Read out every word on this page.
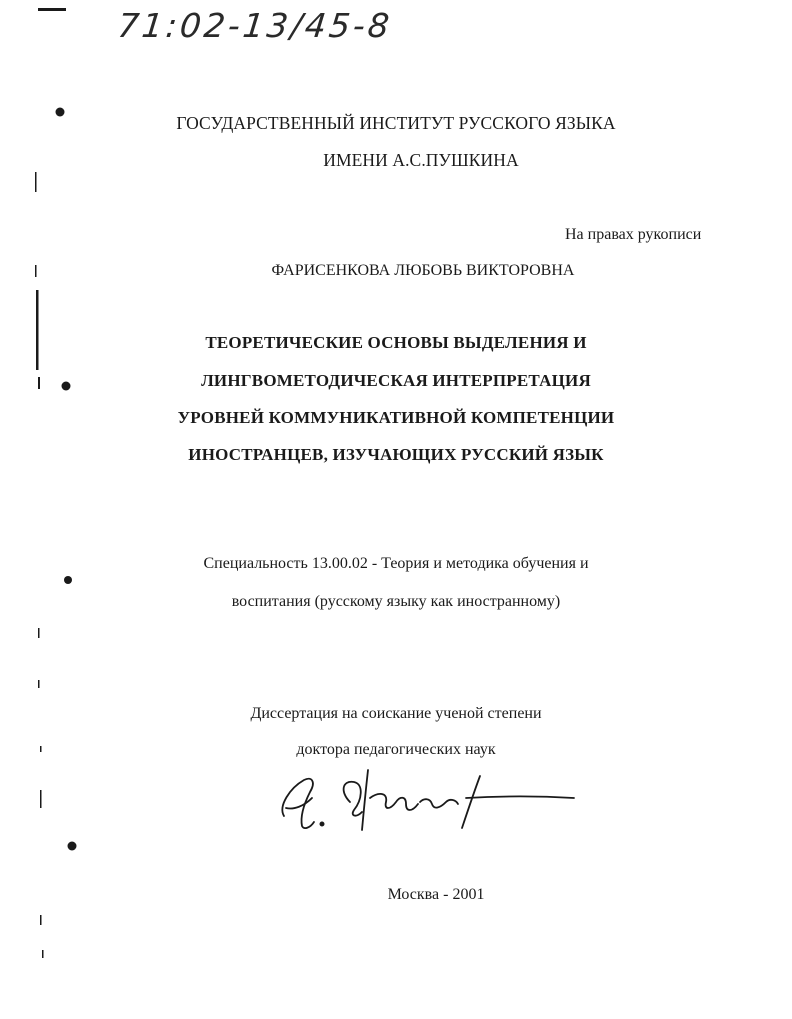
71:02-13/45-8
ГОСУДАРСТВЕННЫЙ ИНСТИТУТ РУССКОГО ЯЗЫКА
ИМЕНИ А.С.ПУШКИНА
На правах рукописи
ФАРИСЕНКОВА ЛЮБОВЬ ВИКТОРОВНА
ТЕОРЕТИЧЕСКИЕ ОСНОВЫ ВЫДЕЛЕНИЯ И
ЛИНГВОМЕТОДИЧЕСКАЯ ИНТЕРПРЕТАЦИЯ
УРОВНЕЙ КОММУНИКАТИВНОЙ КОМПЕТЕНЦИИ
ИНОСТРАНЦЕВ, ИЗУЧАЮЩИХ РУССКИЙ ЯЗЫК
Специальность 13.00.02 - Теория и методика обучения и
воспитания (русскому языку как иностранному)
Диссертация на соискание ученой степени
доктора педагогических наук
Москва - 2001
